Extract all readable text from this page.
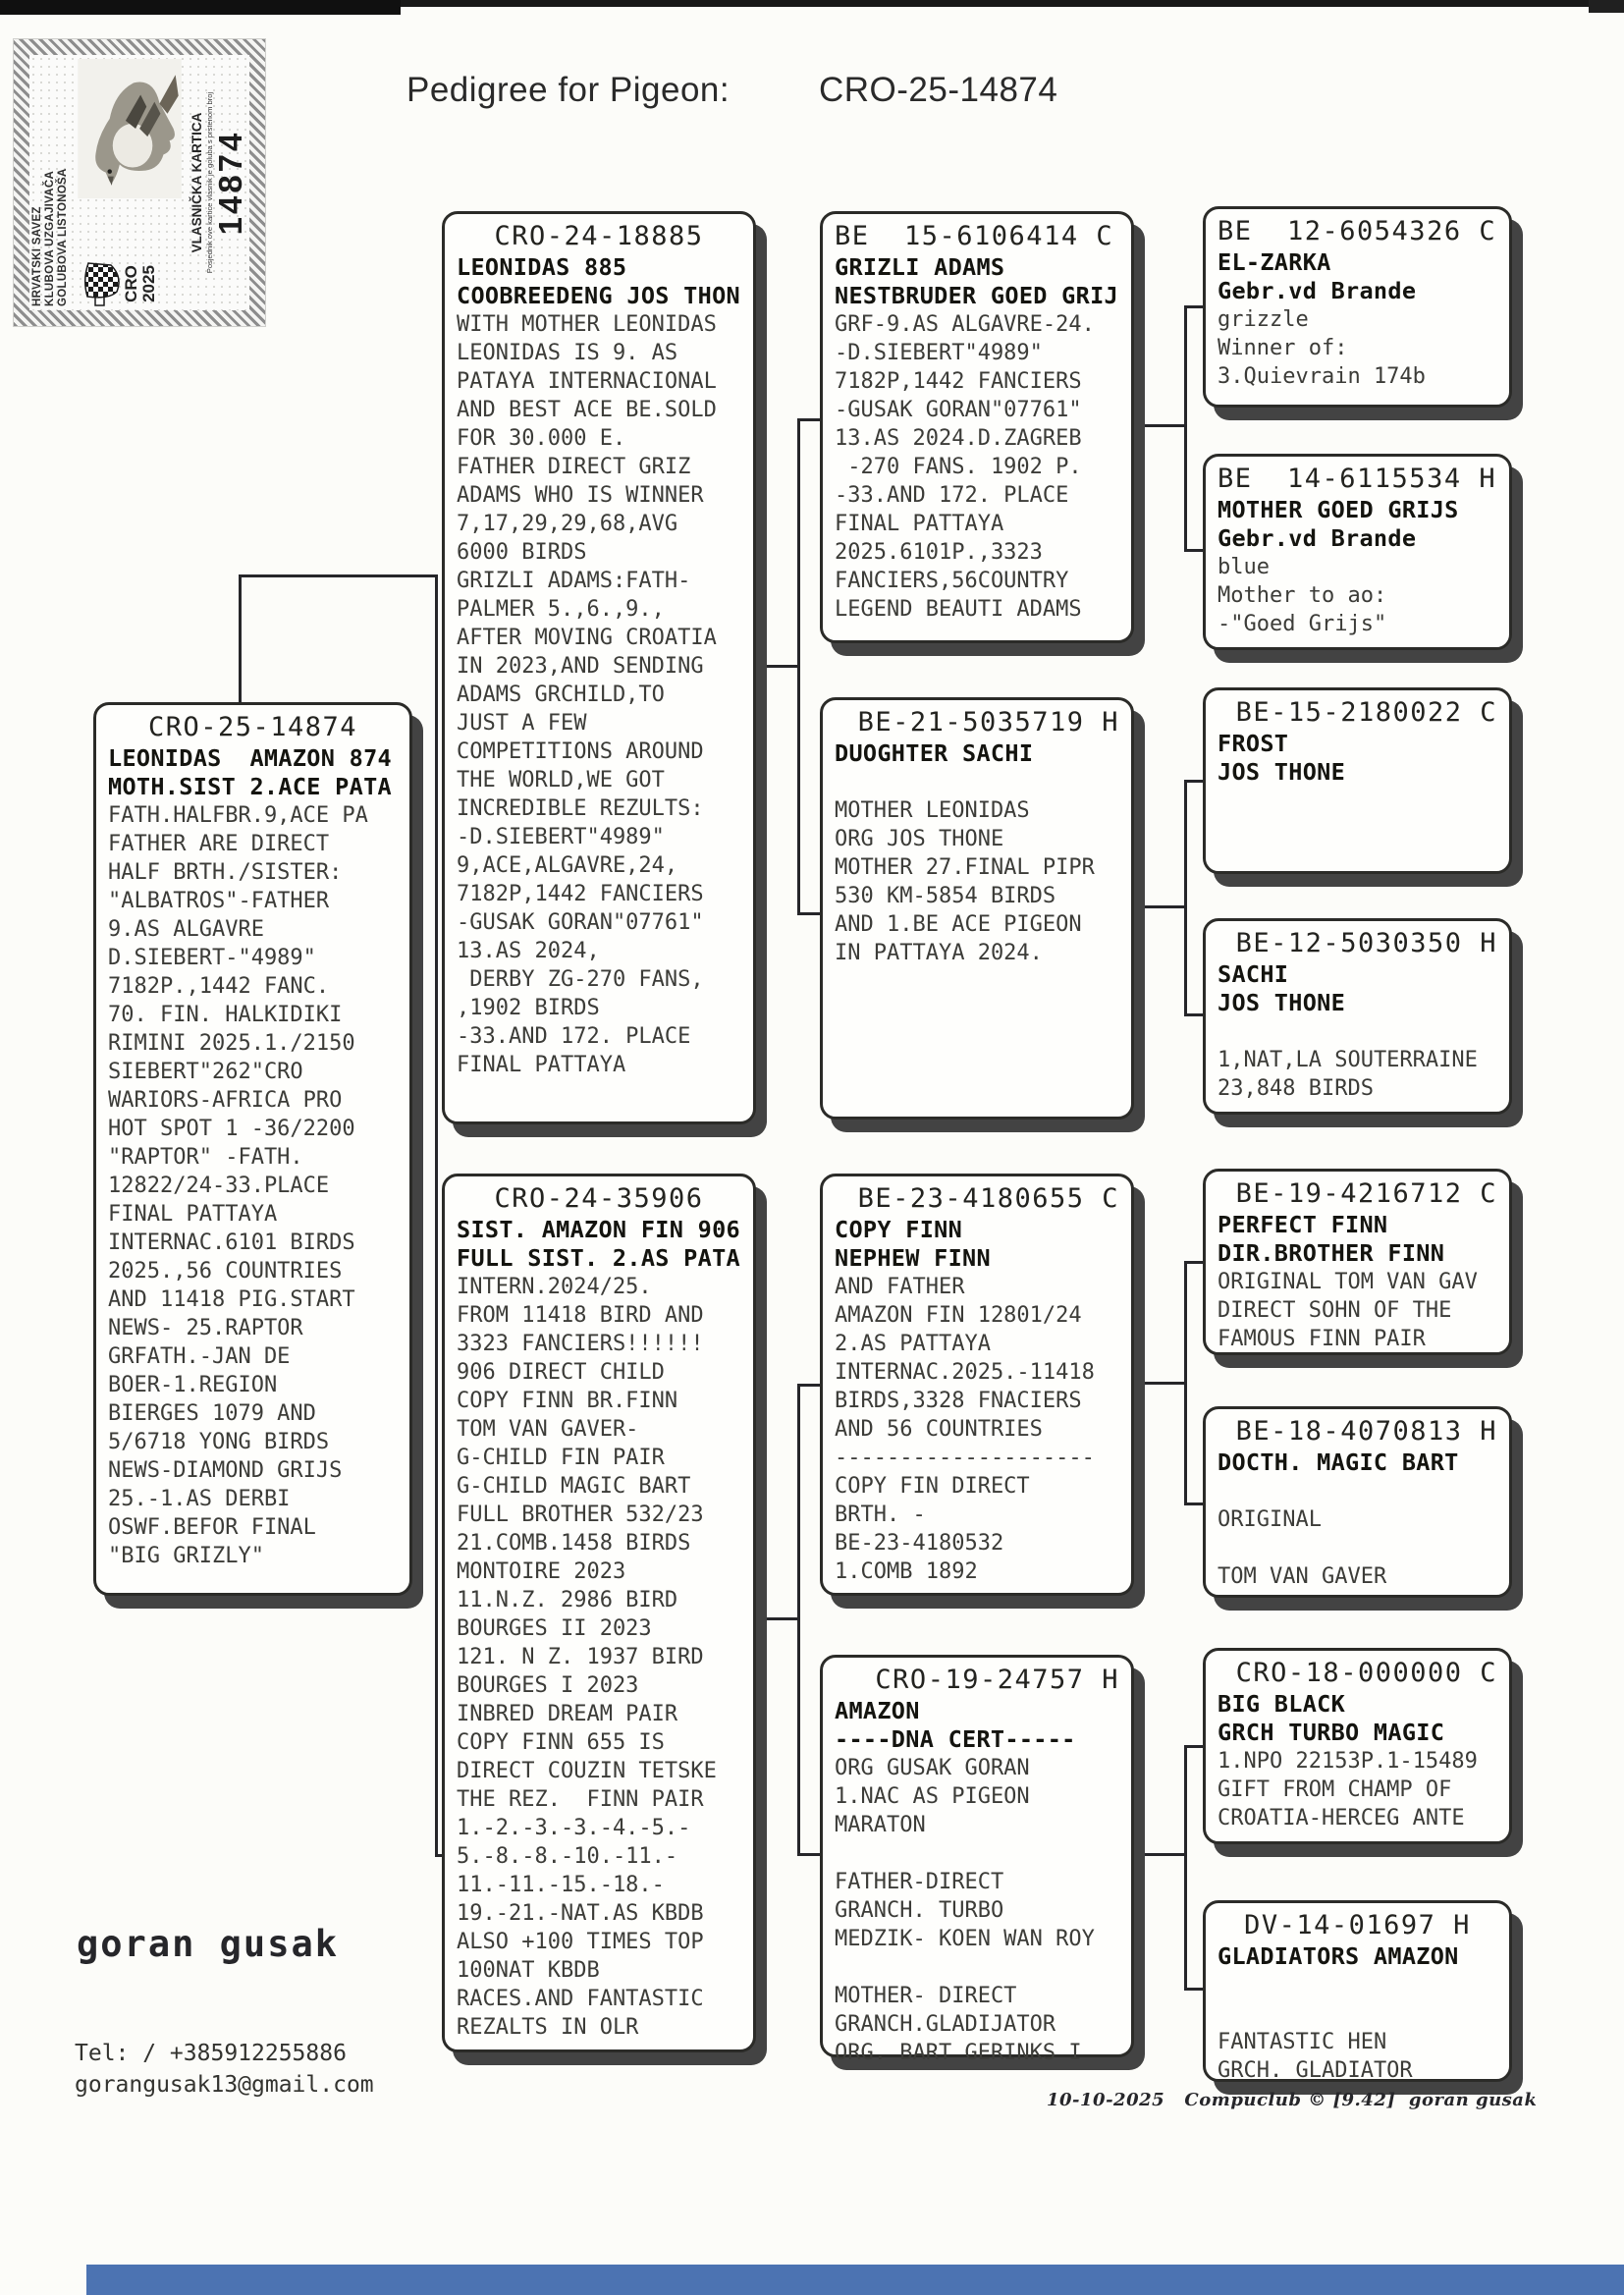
HRVATSKI SAVEZ KLUBOVA UZGAJIVAČA GOLUBOVA LISTONOŠA	CRO 2025
VLASNIČKA KARTICA Posjednik ove kartice vlasnik je goluba s prstenom broj
14874
Pedigree for Pigeon:	CRO-25-14874
CRO-25-14874
LEONIDAS  AMAZON 874
MOTH.SIST 2.ACE PATA
FATH.HALFBR.9,ACE PA
FATHER ARE DIRECT
HALF BRTH./SISTER:
"ALBATROS"-FATHER
9.AS ALGAVRE
D.SIEBERT-"4989"
7182P.,1442 FANC.
70. FIN. HALKIDIKI
RIMINI 2025.1./2150
SIEBERT"262"CRO
WARIORS-AFRICA PRO
HOT SPOT 1 -36/2200
"RAPTOR" -FATH.
12822/24-33.PLACE
FINAL PATTAYA
INTERNAC.6101 BIRDS
2025.,56 COUNTRIES
AND 11418 PIG.START
NEWS- 25.RAPTOR
GRFATH.-JAN DE
BOER-1.REGION
BIERGES 1079 AND
5/6718 YONG BIRDS
NEWS-DIAMOND GRIJS
25.-1.AS DERBI
OSWF.BEFOR FINAL
"BIG GRIZLY"
CRO-24-18885
LEONIDAS 885
COOBREEDENG JOS THON
WITH MOTHER LEONIDAS
LEONIDAS IS 9. AS
PATAYA INTERNACIONAL
AND BEST ACE BE.SOLD
FOR 30.000 E.
FATHER DIRECT GRIZ
ADAMS WHO IS WINNER
7,17,29,29,68,AVG
6000 BIRDS
GRIZLI ADAMS:FATH-
PALMER 5.,6.,9.,
AFTER MOVING CROATIA
IN 2023,AND SENDING
ADAMS GRCHILD,TO
JUST A FEW
COMPETITIONS AROUND
THE WORLD,WE GOT
INCREDIBLE REZULTS:
-D.SIEBERT"4989"
9,ACE,ALGAVRE,24,
7182P,1442 FANCIERS
-GUSAK GORAN"07761"
13.AS 2024,
DERBY ZG-270 FANS,
,1902 BIRDS
-33.AND 172. PLACE
FINAL PATTAYA
CRO-24-35906
SIST. AMAZON FIN 906
FULL SIST. 2.AS PATA
INTERN.2024/25.
FROM 11418 BIRD AND
3323 FANCIERS!!!!!!
906 DIRECT CHILD
COPY FINN BR.FINN
TOM VAN GAVER-
G-CHILD FIN PAIR
G-CHILD MAGIC BART
FULL BROTHER 532/23
21.COMB.1458 BIRDS
MONTOIRE 2023
11.N.Z. 2986 BIRD
BOURGES II 2023
121. N Z. 1937 BIRD
BOURGES I 2023
INBRED DREAM PAIR
COPY FINN 655 IS
DIRECT COUZIN TETSKE
THE REZ.  FINN PAIR
1.-2.-3.-3.-4.-5.-
5.-8.-8.-10.-11.-
11.-11.-15.-18.-
19.-21.-NAT.AS KBDB
ALSO +100 TIMES TOP
100NAT KBDB
RACES.AND FANTASTIC
REZALTS IN OLR
BE  15-6106414 C
GRIZLI ADAMS
NESTBRUDER GOED GRIJ
GRF-9.AS ALGAVRE-24.
-D.SIEBERT"4989"
7182P,1442 FANCIERS
-GUSAK GORAN"07761"
13.AS 2024.D.ZAGREB
-270 FANS. 1902 P.
-33.AND 172. PLACE
FINAL PATTAYA
2025.6101P.,3323
FANCIERS,56COUNTRY
LEGEND BEAUTI ADAMS
BE-21-5035719 H
DUOGHTER SACHI
MOTHER LEONIDAS
ORG JOS THONE
MOTHER 27.FINAL PIPR
530 KM-5854 BIRDS
AND 1.BE ACE PIGEON
IN PATTAYA 2024.
BE-23-4180655 C
COPY FINN
NEPHEW FINN
AND FATHER
AMAZON FIN 12801/24
2.AS PATTAYA
INTERNAC.2025.-11418
BIRDS,3328 FNACIERS
AND 56 COUNTRIES
--------------------
COPY FIN DIRECT
BRTH. -
BE-23-4180532
1.COMB 1892
CRO-19-24757 H
AMAZON
----DNA CERT-----
ORG GUSAK GORAN
1.NAC AS PIGEON
MARATON
FATHER-DIRECT
GRANCH. TURBO
MEDZIK- KOEN WAN ROY
MOTHER- DIRECT
GRANCH.GLADIJATOR
ORG. BART GERINKS I
BE  12-6054326 C
EL-ZARKA
Gebr.vd Brande
grizzle
Winner of:
3.Quievrain 174b
BE  14-6115534 H
MOTHER GOED GRIJS
Gebr.vd Brande
blue
Mother to ao:
-"Goed Grijs"
BE-15-2180022 C
FROST
JOS THONE
BE-12-5030350 H
SACHI
JOS THONE
1,NAT,LA SOUTERRAINE
23,848 BIRDS
BE-19-4216712 C
PERFECT FINN
DIR.BROTHER FINN
ORIGINAL TOM VAN GAV
DIRECT SOHN OF THE
FAMOUS FINN PAIR
BE-18-4070813 H
DOCTH. MAGIC BART
ORIGINAL
TOM VAN GAVER
CRO-18-000000 C
BIG BLACK
GRCH TURBO MAGIC
1.NPO 22153P.1-15489
GIFT FROM CHAMP OF
CROATIA-HERCEG ANTE
DV-14-01697 H
GLADIATORS AMAZON
FANTASTIC HEN
GRCH. GLADIATOR
goran gusak
Tel: / +385912255886
gorangusak13@gmail.com
10-10-2025   Compuclub © [9.42]  goran gusak
